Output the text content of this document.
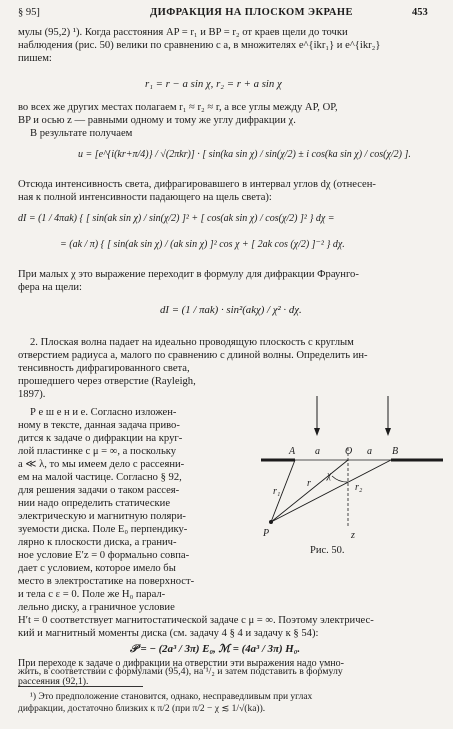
§ 95]	ДИФРАКЦИЯ НА ПЛОСКОМ ЭКРАНЕ	453
мулы (95,2) ¹). Когда расстояния AP = r₁ и BP = r₂ от краев щели до точки
наблюдения (рис. 50) велики по сравнению с a, в множителях e^{ikr₁} и e^{ikr₂}
пишем:
r₁ = r − a sin χ, r₂ = r + a sin χ
во всех же других местах полагаем r₁ ≈ r₂ ≈ r, а все углы между AP, OP,
BP и осью z — равными одному и тому же углу дифракции χ.
В результате получаем
u = [e^{i(kr+π/4)} / √(2πkr)] · [ sin(ka sin χ) / sin(χ/2) ± i cos(ka sin χ) / cos(χ/2) ].
Отсюда интенсивность света, дифрагировавшего в интервал углов dχ (отнесен-
ная к полной интенсивности падающего на щель света):
dI = (1 / 4πak) { [ sin(ak sin χ) / sin(χ/2) ]² + [ cos(ak sin χ) / cos(χ/2) ]² } dχ =
= (ak / π) { [ sin(ak sin χ) / (ak sin χ) ]² cos χ + [ 2ak cos (χ/2) ]⁻² } dχ.
При малых χ это выражение переходит в формулу для дифракции Фраунго-
фера на щели:
dI = (1 / πak) · sin²(akχ) / χ² · dχ.
2. Плоская волна падает на идеально проводящую плоскость с круглым
отверстием радиуса a, малого по сравнению с длиной волны. Определить ин-
тенсивность дифрагированного света,
прошедшего через отверстие (Rayleigh,
1897).
Р е ш е н и е. Согласно изложен-
ному в тексте, данная задача приво-
дится к задаче о дифракции на круг-
лой пластинке с μ = ∞, а поскольку
a ≪ λ, то мы имеем дело с рассеяни-
ем на малой частице. Согласно § 92,
для решения задачи о таком рассея-
нии надо определить статические
электрическую и магнитную поляри-
зуемости диска. Поле E₀ перпендику-
лярно к плоскости диска, а гранич-
ное условие E′z = 0 формально совпа-
дает с условием, которое имело бы
место в электростатике на поверхност-
и тела с ε = 0. Поле же H₀ парал-
лельно диску, а граничное условие
A a	O a B
r₁
r
χ
r₂
P	z
Рис. 50.
H′t = 0 соответствует магнитостатической задаче с μ = ∞. Поэтому электричес-
кий и магнитный моменты диска (см. задачу 4 § 4 и задачу к § 54):
𝒫 = − (2a³ / 3π) E₀, ℳ = (4a³ / 3π) H₀.
При переходе к задаче о дифракции на отверстии эти выражения надо умно-
¹) Это предположение становится, однако, несправедливым при углах
дифракции, достаточно близких к π/2 (при π/2 − χ ≲ 1/√(ka)).
жить, в соответствии с формулами (95,4), на ¹/₂ и затем подставить в формулу
рассеяния (92,1).
